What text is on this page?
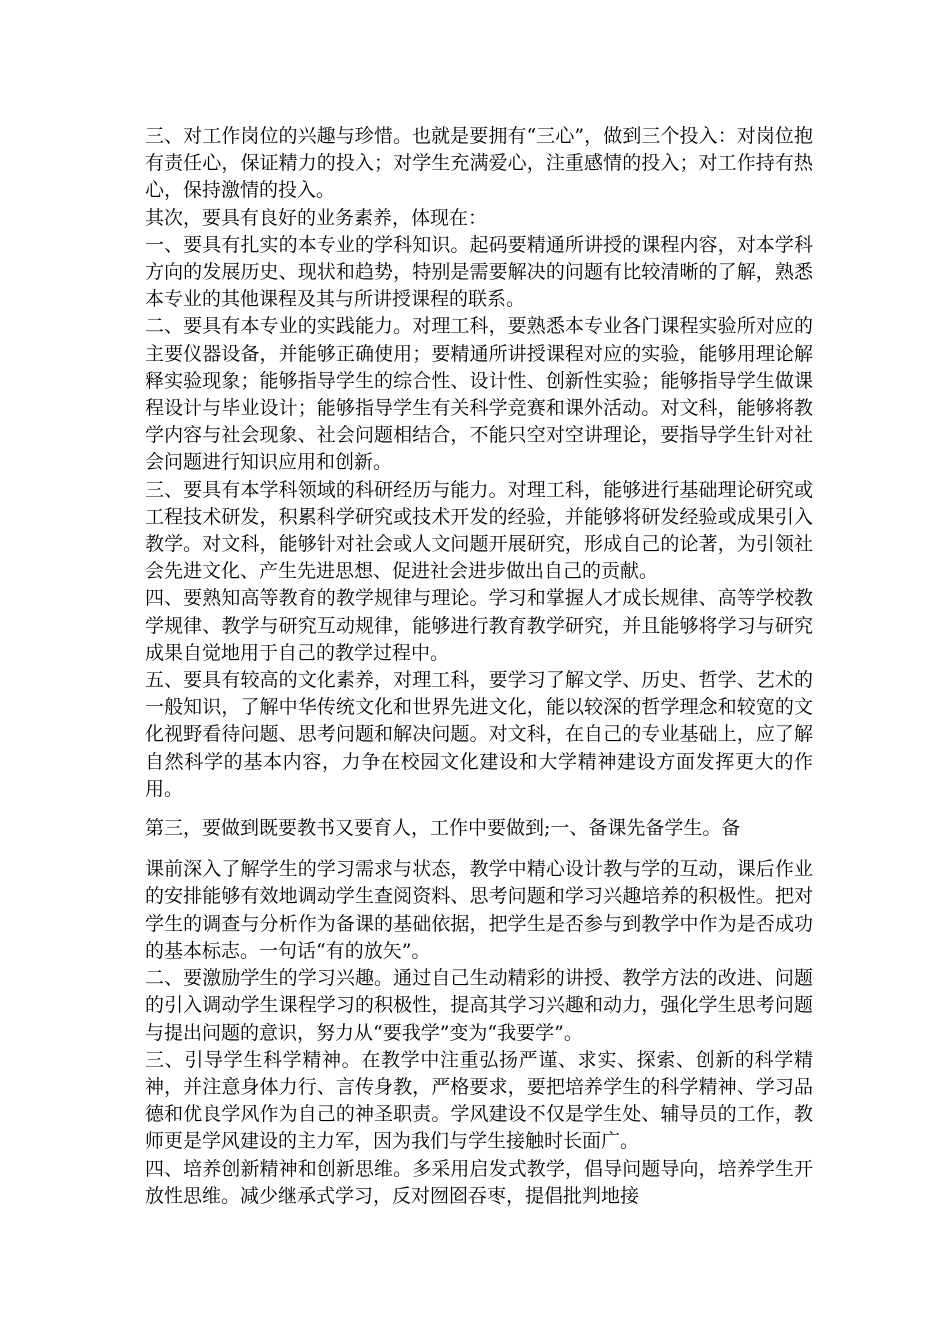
三、对工作岗位的兴趣与珍惜。也就是要拥有“三心”，做到三个投入：对岗位抱有责任心，保证精力的投入；对学生充满爱心，注重感情的投入；对工作持有热心，保持激情的投入。

其次，要具有良好的业务素养，体现在：

一、要具有扎实的本专业的学科知识。起码要精通所讲授的课程内容，对本学科方向的发展历史、现状和趋势，特别是需要解决的问题有比较清晰的了解，熟悉本专业的其他课程及其与所讲授课程的联系。

二、要具有本专业的实践能力。对理工科，要熟悉本专业各门课程实验所对应的主要仪器设备，并能够正确使用；要精通所讲授课程对应的实验，能够用理论解释实验现象；能够指导学生的综合性、设计性、创新性实验；能够指导学生做课程设计与毕业设计；能够指导学生有关科学竞赛和课外活动。对文科，能够将教学内容与社会现象、社会问题相结合，不能只空对空讲理论，要指导学生针对社会问题进行知识应用和创新。

三、要具有本学科领域的科研经历与能力。对理工科，能够进行基础理论研究或工程技术研发，积累科学研究或技术开发的经验，并能够将研发经验或成果引入教学。对文科，能够针对社会或人文问题开展研究，形成自己的论著，为引领社会先进文化、产生先进思想、促进社会进步做出自己的贡献。

四、要熟知高等教育的教学规律与理论。学习和掌握人才成长规律、高等学校教学规律、教学与研究互动规律，能够进行教育教学研究，并且能够将学习与研究成果自觉地用于自己的教学过程中。

五、要具有较高的文化素养，对理工科，要学习了解文学、历史、哲学、艺术的一般知识，了解中华传统文化和世界先进文化，能以较深的哲学理念和较宽的文化视野看待问题、思考问题和解决问题。对文科，在自己的专业基础上，应了解自然科学的基本内容，力争在校园文化建设和大学精神建设方面发挥更大的作用。

第三，要做到既要教书又要育人，工作中要做到;一、备课先备学生。备

课前深入了解学生的学习需求与状态，教学中精心设计教与学的互动，课后作业的安排能够有效地调动学生查阅资料、思考问题和学习兴趣培养的积极性。把对学生的调查与分析作为备课的基础依据，把学生是否参与到教学中作为是否成功的基本标志。一句话“有的放矢”。

二、要激励学生的学习兴趣。通过自己生动精彩的讲授、教学方法的改进、问题的引入调动学生课程学习的积极性，提高其学习兴趣和动力，强化学生思考问题与提出问题的意识，努力从“要我学”变为“我要学”。

三、引导学生科学精神。在教学中注重弘扬严谨、求实、探索、创新的科学精神，并注意身体力行、言传身教，严格要求，要把培养学生的科学精神、学习品德和优良学风作为自己的神圣职责。学风建设不仅是学生处、辅导员的工作，教师更是学风建设的主力军，因为我们与学生接触时长面广。

四、培养创新精神和创新思维。多采用启发式教学，倡导问题导向，培养学生开放性思维。减少继承式学习，反对囫囵吞枣，提倡批判地接
